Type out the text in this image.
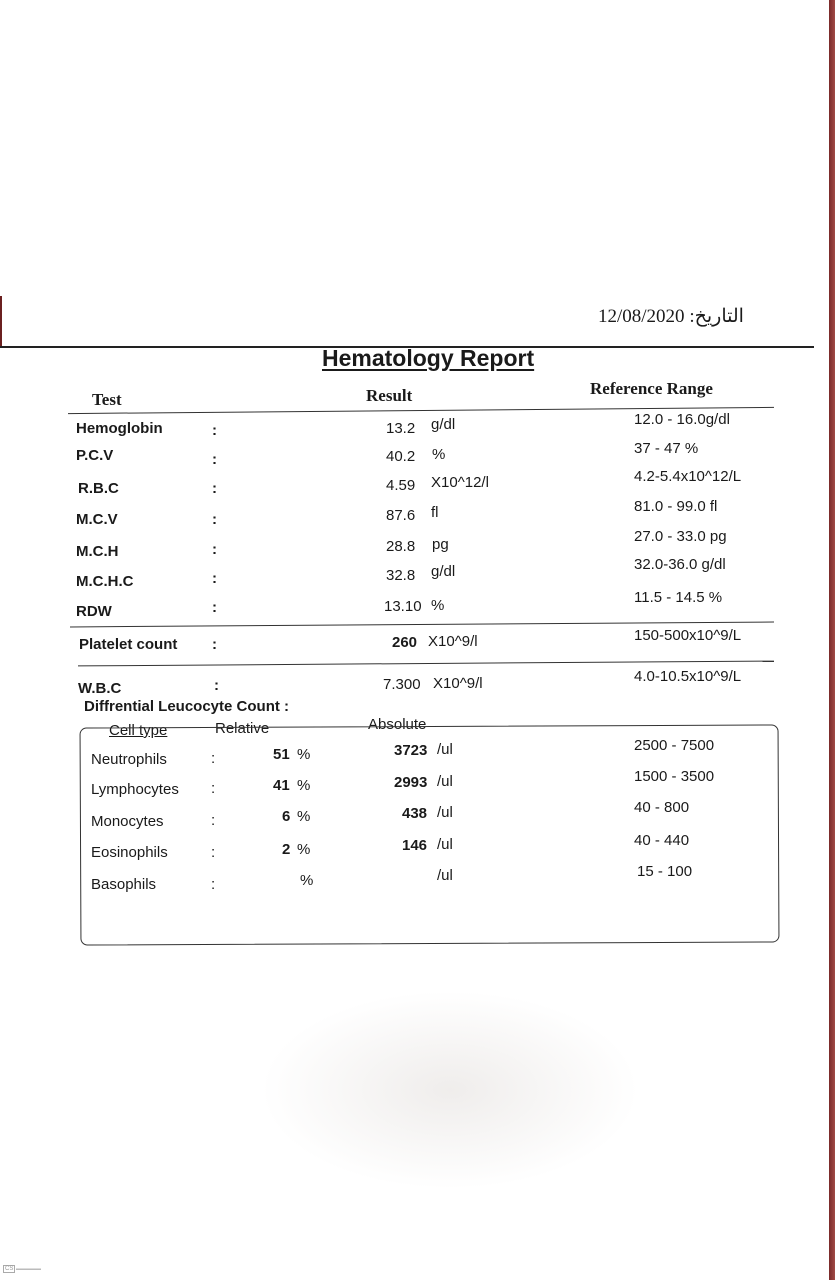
التاريخ: 12/08/2020
Hematology Report
Test	Result	Reference Range
Hemoglobin	:	13.2 g/dl	12.0 - 16.0g/dl
P.C.V	:	40.2 %	37 - 47 %
R.B.C	:	4.59 X10^12/l	4.2-5.4x10^12/L
M.C.V	:	87.6 fl	81.0 - 99.0 fl
M.C.H	:	28.8 pg	27.0 - 33.0 pg
M.C.H.C	:	32.8 g/dl	32.0-36.0 g/dl
RDW	:	13.10 %	11.5 - 14.5 %
Platelet count :	260 X10^9/l	150-500x10^9/L
W.B.C	:	7.300 X10^9/l	4.0-10.5x10^9/L
Diffrential Leucocyte Count :
Cell type	Relative	Absolute
Neutrophils	:	51 %	3723 /ul	2500 - 7500
Lymphocytes :	41 %	2993 /ul	1500 - 3500
Monocytes	:	6 %	438 /ul	40 - 800
Eosinophils	:	2 %	146 /ul	40 - 440
Basophils	:	%	/ul	15 - 100
CS ▬▬▬▬▬
